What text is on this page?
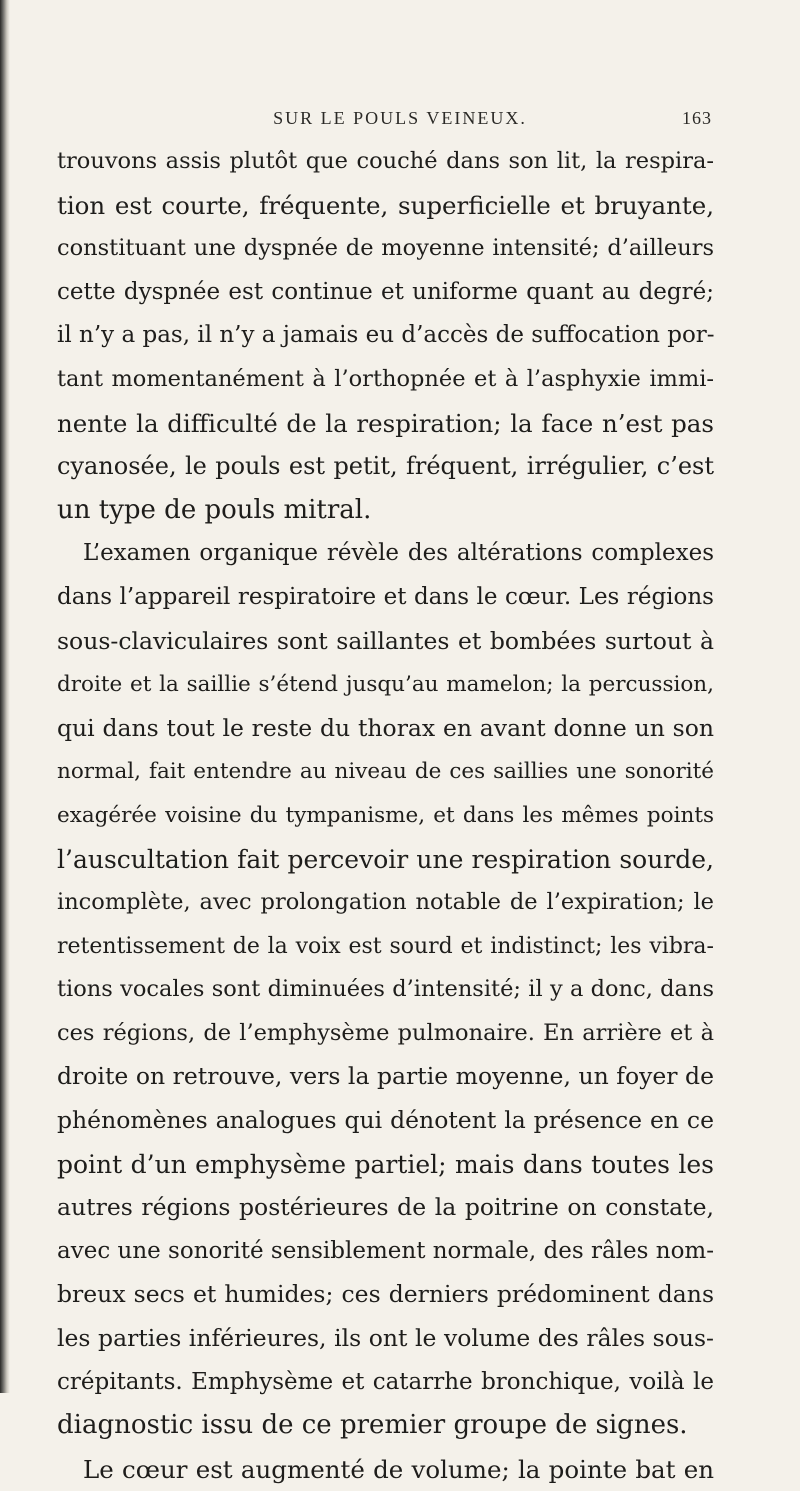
SUR LE POULS VEINEUX.	163
trouvons assis plutôt que couché dans son lit, la respira-
tion est courte, fréquente, superficielle et bruyante,
constituant une dyspnée de moyenne intensité; d’ailleurs
cette dyspnée est continue et uniforme quant au degré;
il n’y a pas, il n’y a jamais eu d’accès de suffocation por-
tant momentanément à l’orthopnée et à l’asphyxie immi-
nente la difficulté de la respiration; la face n’est pas
cyanosée, le pouls est petit, fréquent, irrégulier, c’est
un type de pouls mitral.
L’examen organique révèle des altérations complexes
dans l’appareil respiratoire et dans le cœur. Les régions
sous-claviculaires sont saillantes et bombées surtout à
droite et la saillie s’étend jusqu’au mamelon; la percussion,
qui dans tout le reste du thorax en avant donne un son
normal, fait entendre au niveau de ces saillies une sonorité
exagérée voisine du tympanisme, et dans les mêmes points
l’auscultation fait percevoir une respiration sourde,
incomplète, avec prolongation notable de l’expiration; le
retentissement de la voix est sourd et indistinct; les vibra-
tions vocales sont diminuées d’intensité; il y a donc, dans
ces régions, de l’emphysème pulmonaire. En arrière et à
droite on retrouve, vers la partie moyenne, un foyer de
phénomènes analogues qui dénotent la présence en ce
point d’un emphysème partiel; mais dans toutes les
autres régions postérieures de la poitrine on constate,
avec une sonorité sensiblement normale, des râles nom-
breux secs et humides; ces derniers prédominent dans
les parties inférieures, ils ont le volume des râles sous-
crépitants. Emphysème et catarrhe bronchique, voilà le
diagnostic issu de ce premier groupe de signes.
Le cœur est augmenté de volume; la pointe bat en
